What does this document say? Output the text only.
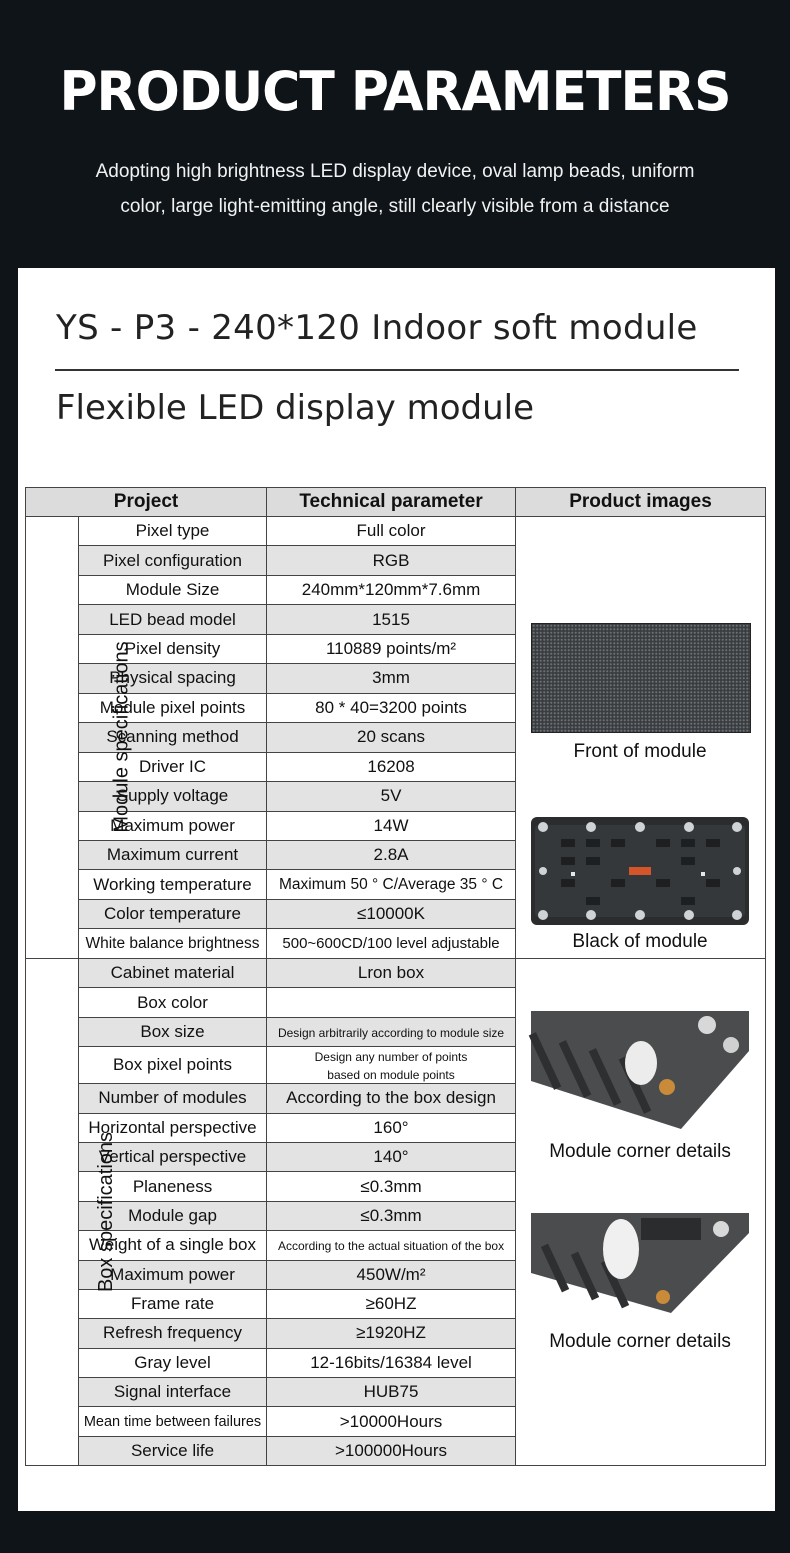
PRODUCT PARAMETERS
Adopting high brightness LED display device, oval lamp beads, uniform
color, large light-emitting angle, still clearly visible from a distance
YS - P3 - 240*120 Indoor soft module
Flexible LED display module
Project		Technical parameter	Product images
Module specifications	Pixel type	Full color	Front of module
Black of module

	Pixel configuration	RGB	
	Module Size	240mm*120mm*7.6mm	
	LED bead model	1515	
	Pixel density	110889 points/m²	
	Physical spacing	3mm	
	Module pixel points	80 * 40=3200 points	
	Scanning method	20 scans	
	Driver IC	16208	
	Supply voltage	5V	
	Maximum power	14W	
	Maximum current	2.8A	
	Working temperature	Maximum 50 ° C/Average 35 ° C	
	Color temperature	≤10000K	
	White balance brightness	500~600CD/100 level adjustable	
Box specifications	Cabinet material	Lron box	Module corner details
Module corner details

	Box color		
	Box size	Design arbitrarily according to module size	
	Box pixel points	Design any number of points based on module points	
	Number of modules	According to the box design	
	Horizontal perspective	160°	
	Vertical perspective	140°	
	Planeness	≤0.3mm	
	Module gap	≤0.3mm	
	Weight of a single box	According to the actual situation of the box	
	Maximum power	450W/m²	
	Frame rate	≥60HZ	
	Refresh frequency	≥1920HZ	
	Gray level	12-16bits/16384 level	
	Signal interface	HUB75	
	Mean time between failures	>10000Hours	
	Service life	>100000Hours	
